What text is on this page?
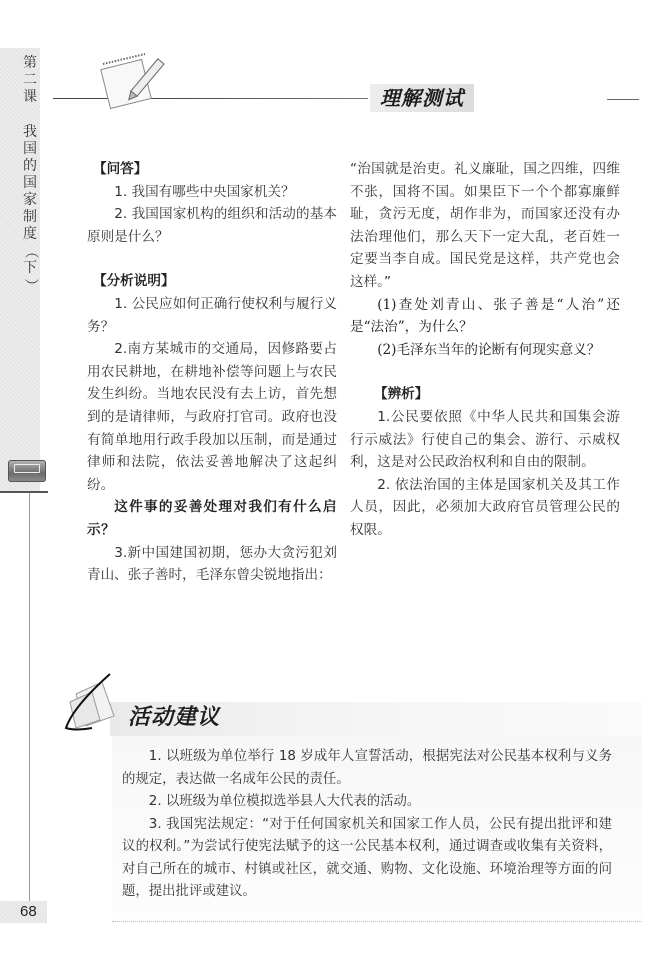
第
二
课
我
国
的
国
家
制
度
（
下
）
68
理解测试

【问答】

1. 我国有哪些中央国家机关？

2. 我国国家机构的组织和活动的基本原则是什么？

【分析说明】

1. 公民应如何正确行使权利与履行义务？

2.南方某城市的交通局，因修路要占用农民耕地，在耕地补偿等问题上与农民发生纠纷。当地农民没有去上访，首先想到的是请律师，与政府打官司。政府也没有简单地用行政手段加以压制，而是通过律师和法院，依法妥善地解决了这起纠纷。

这件事的妥善处理对我们有什么启示？

3.新中国建国初期，惩办大贪污犯刘青山、张子善时，毛泽东曾尖锐地指出：

“治国就是治吏。礼义廉耻，国之四维，四维不张，国将不国。如果臣下一个个都寡廉鲜耻，贪污无度，胡作非为，而国家还没有办法治理他们，那么天下一定大乱，老百姓一定要当李自成。国民党是这样，共产党也会这样。”

(1)查处刘青山、张子善是“人治”还是“法治”，为什么？

(2)毛泽东当年的论断有何现实意义？

【辨析】

1.公民要依照《中华人民共和国集会游行示威法》行使自己的集会、游行、示威权利，这是对公民政治权利和自由的限制。

2. 依法治国的主体是国家机关及其工作人员，因此，必须加大政府官员管理公民的权限。

活动建议

1. 以班级为单位举行 18 岁成年人宣誓活动，根据宪法对公民基本权利与义务的规定，表达做一名成年公民的责任。

2. 以班级为单位模拟选举县人大代表的活动。

3. 我国宪法规定：“对于任何国家机关和国家工作人员，公民有提出批评和建议的权利。”为尝试行使宪法赋予的这一公民基本权利，通过调查或收集有关资料，对自己所在的城市、村镇或社区，就交通、购物、文化设施、环境治理等方面的问题，提出批评或建议。
